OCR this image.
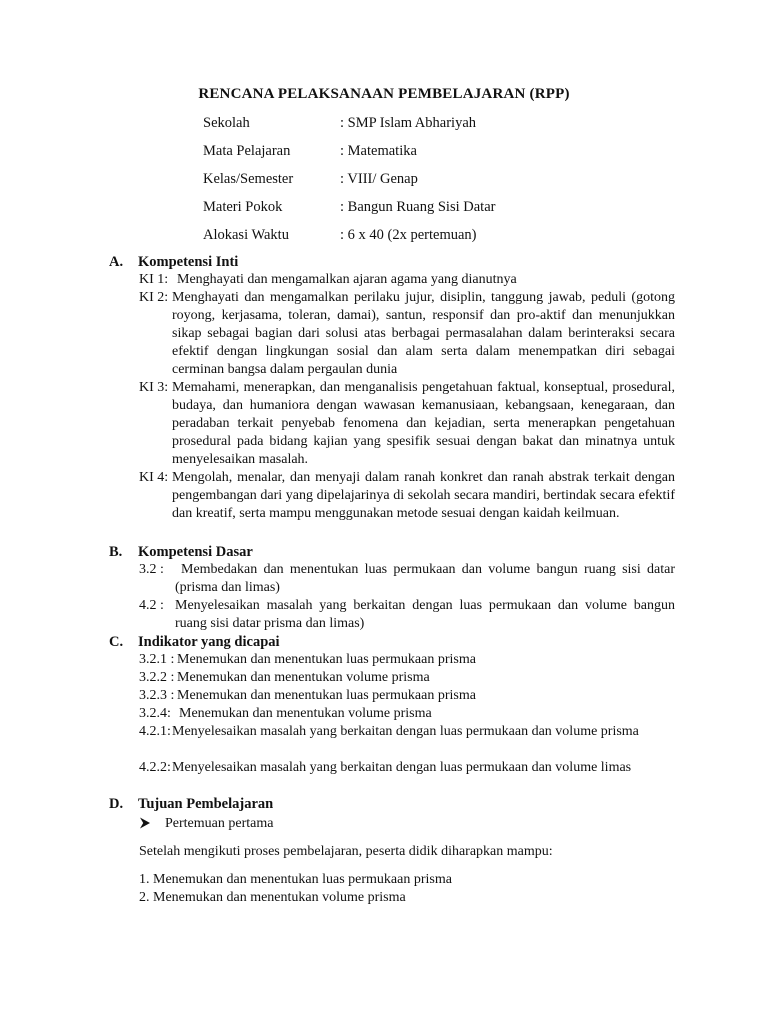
RENCANA PELAKSANAAN PEMBELAJARAN (RPP)
Sekolah	: SMP Islam Abhariyah
Mata Pelajaran	: Matematika
Kelas/Semester	: VIII/ Genap
Materi Pokok	: Bangun Ruang Sisi Datar
Alokasi Waktu	: 6 x 40 (2x pertemuan)
A. Kompetensi Inti
KI 1: Menghayati dan mengamalkan ajaran agama yang dianutnya
KI 2: Menghayati dan mengamalkan perilaku jujur, disiplin, tanggung jawab, peduli (gotong royong, kerjasama, toleran, damai), santun, responsif dan pro-aktif dan menunjukkan sikap sebagai bagian dari solusi atas berbagai permasalahan dalam berinteraksi secara efektif dengan lingkungan sosial dan alam serta dalam menempatkan diri sebagai cerminan bangsa dalam pergaulan dunia
KI 3: Memahami, menerapkan, dan menganalisis pengetahuan faktual, konseptual, prosedural, budaya, dan humaniora dengan wawasan kemanusiaan, kebangsaan, kenegaraan, dan peradaban terkait penyebab fenomena dan kejadian, serta menerapkan pengetahuan prosedural pada bidang kajian yang spesifik sesuai dengan bakat dan minatnya untuk menyelesaikan masalah.
KI 4: Mengolah, menalar, dan menyaji dalam ranah konkret dan ranah abstrak terkait dengan pengembangan dari yang dipelajarinya di sekolah secara mandiri, bertindak secara efektif dan kreatif, serta mampu menggunakan metode sesuai dengan kaidah keilmuan.
B. Kompetensi Dasar
3.2 :	Membedakan dan menentukan luas permukaan dan volume bangun ruang sisi datar (prisma dan limas)
4.2 : Menyelesaikan masalah yang berkaitan dengan luas permukaan dan volume bangun ruang sisi datar prisma dan limas)
C. Indikator yang dicapai
3.2.1 : Menemukan dan menentukan luas permukaan prisma
3.2.2 : Menemukan dan menentukan volume prisma
3.2.3 : Menemukan dan menentukan luas permukaan prisma
3.2.4: Menemukan dan menentukan volume prisma
4.2.1: Menyelesaikan masalah yang berkaitan dengan luas permukaan dan volume prisma
4.2.2: Menyelesaikan masalah yang berkaitan dengan luas permukaan dan volume limas
D. Tujuan Pembelajaran
Pertemuan pertama
Setelah mengikuti proses pembelajaran, peserta didik diharapkan mampu:
1. Menemukan dan menentukan luas permukaan prisma
2. Menemukan dan menentukan volume prisma
